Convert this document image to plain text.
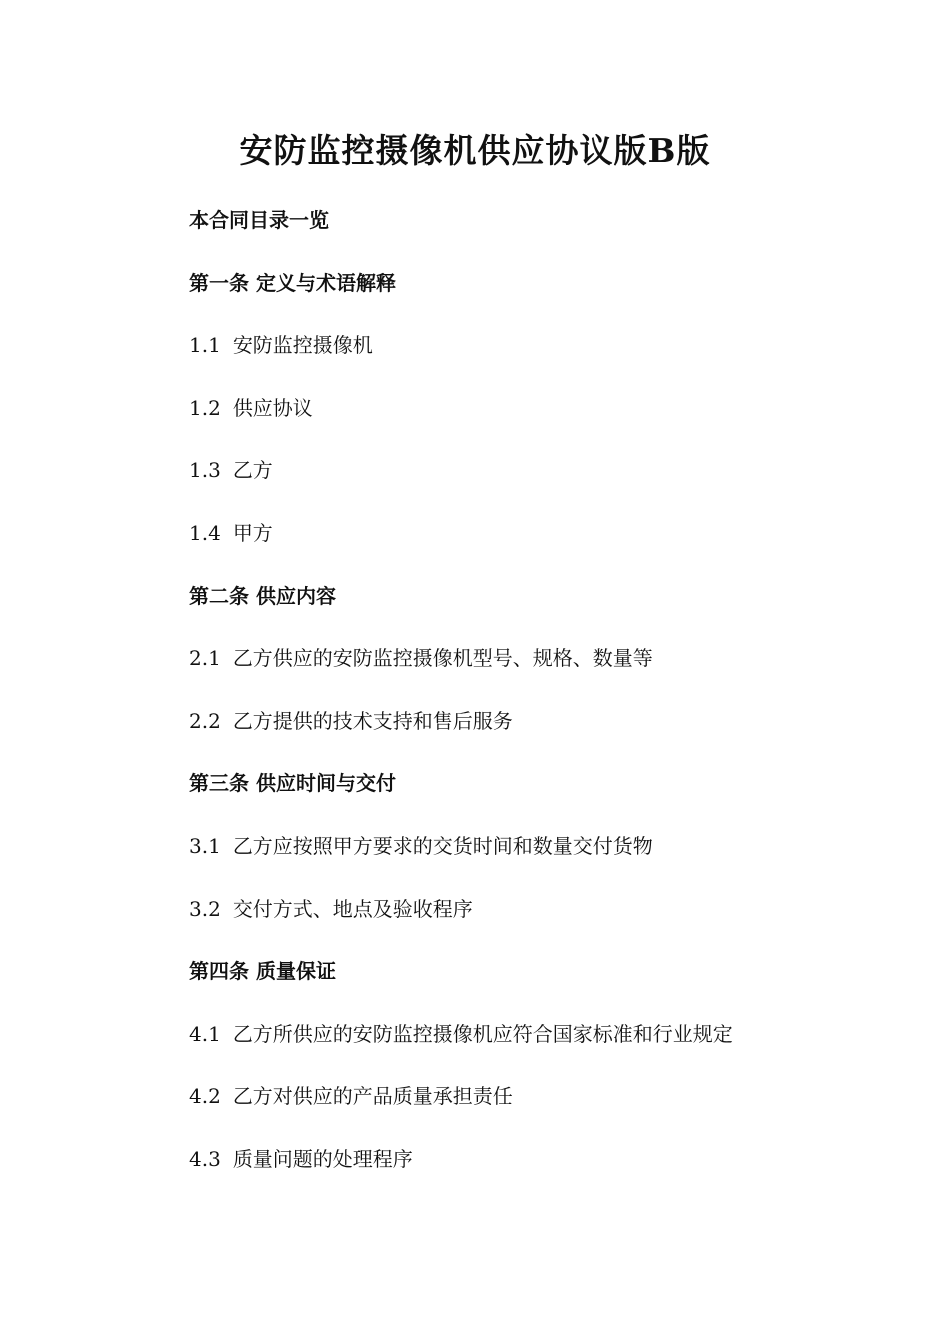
安防监控摄像机供应协议版B版
本合同目录一览
第一条 定义与术语解释
1.1 安防监控摄像机
1.2 供应协议
1.3 乙方
1.4 甲方
第二条 供应内容
2.1 乙方供应的安防监控摄像机型号、规格、数量等
2.2 乙方提供的技术支持和售后服务
第三条 供应时间与交付
3.1 乙方应按照甲方要求的交货时间和数量交付货物
3.2 交付方式、地点及验收程序
第四条 质量保证
4.1 乙方所供应的安防监控摄像机应符合国家标准和行业规定
4.2 乙方对供应的产品质量承担责任
4.3 质量问题的处理程序
